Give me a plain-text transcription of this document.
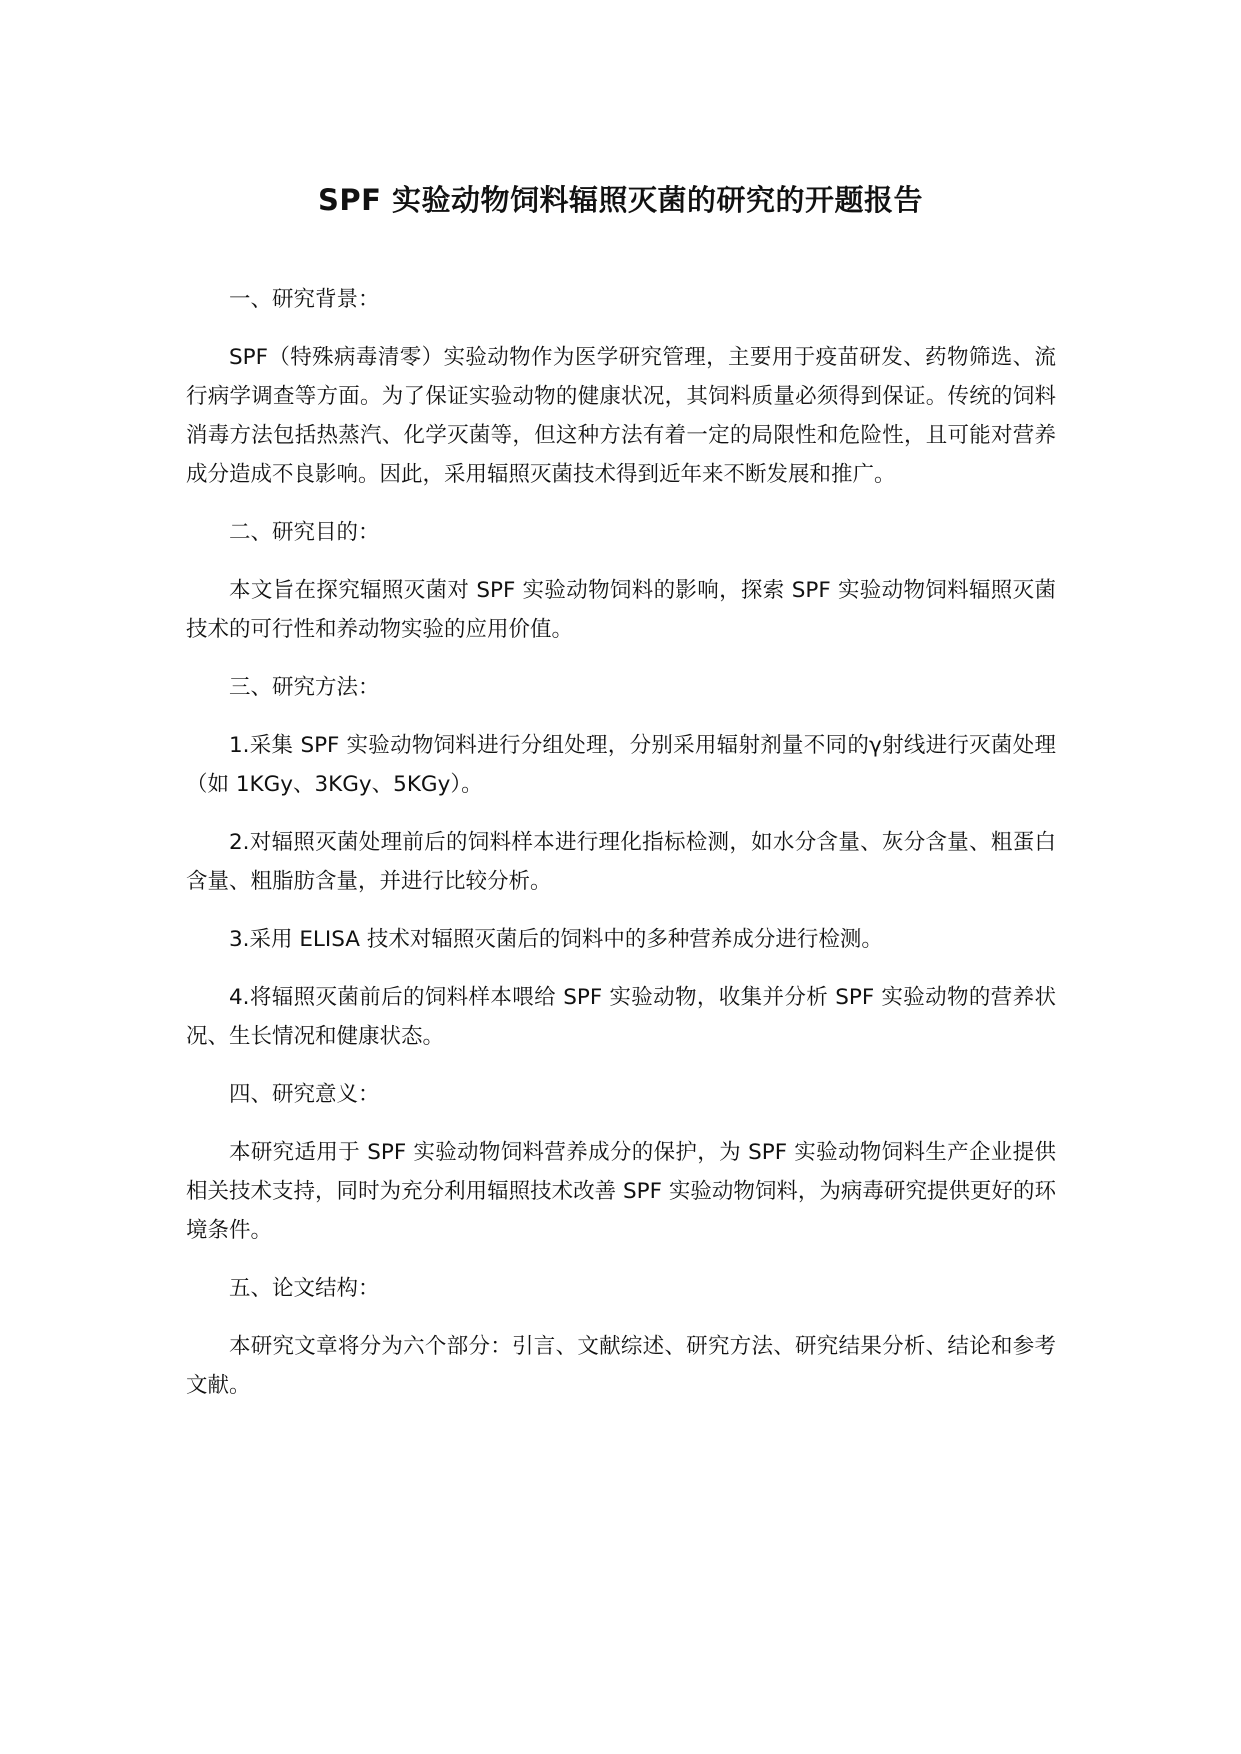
SPF 实验动物饲料辐照灭菌的研究的开题报告
一、研究背景：

SPF（特殊病毒清零）实验动物作为医学研究管理，主要用于疫苗研发、药物筛选、流行病学调查等方面。为了保证实验动物的健康状况，其饲料质量必须得到保证。传统的饲料消毒方法包括热蒸汽、化学灭菌等，但这种方法有着一定的局限性和危险性，且可能对营养成分造成不良影响。因此，采用辐照灭菌技术得到近年来不断发展和推广。

二、研究目的：

本文旨在探究辐照灭菌对 SPF 实验动物饲料的影响，探索 SPF 实验动物饲料辐照灭菌技术的可行性和养动物实验的应用价值。

三、研究方法：

1.采集 SPF 实验动物饲料进行分组处理，分别采用辐射剂量不同的γ射线进行灭菌处理（如 1KGy、3KGy、5KGy）。

2.对辐照灭菌处理前后的饲料样本进行理化指标检测，如水分含量、灰分含量、粗蛋白含量、粗脂肪含量，并进行比较分析。

3.采用 ELISA 技术对辐照灭菌后的饲料中的多种营养成分进行检测。

4.将辐照灭菌前后的饲料样本喂给 SPF 实验动物，收集并分析 SPF 实验动物的营养状况、生长情况和健康状态。

四、研究意义：

本研究适用于 SPF 实验动物饲料营养成分的保护，为 SPF 实验动物饲料生产企业提供相关技术支持，同时为充分利用辐照技术改善 SPF 实验动物饲料，为病毒研究提供更好的环境条件。

五、论文结构：

本研究文章将分为六个部分：引言、文献综述、研究方法、研究结果分析、结论和参考文献。
